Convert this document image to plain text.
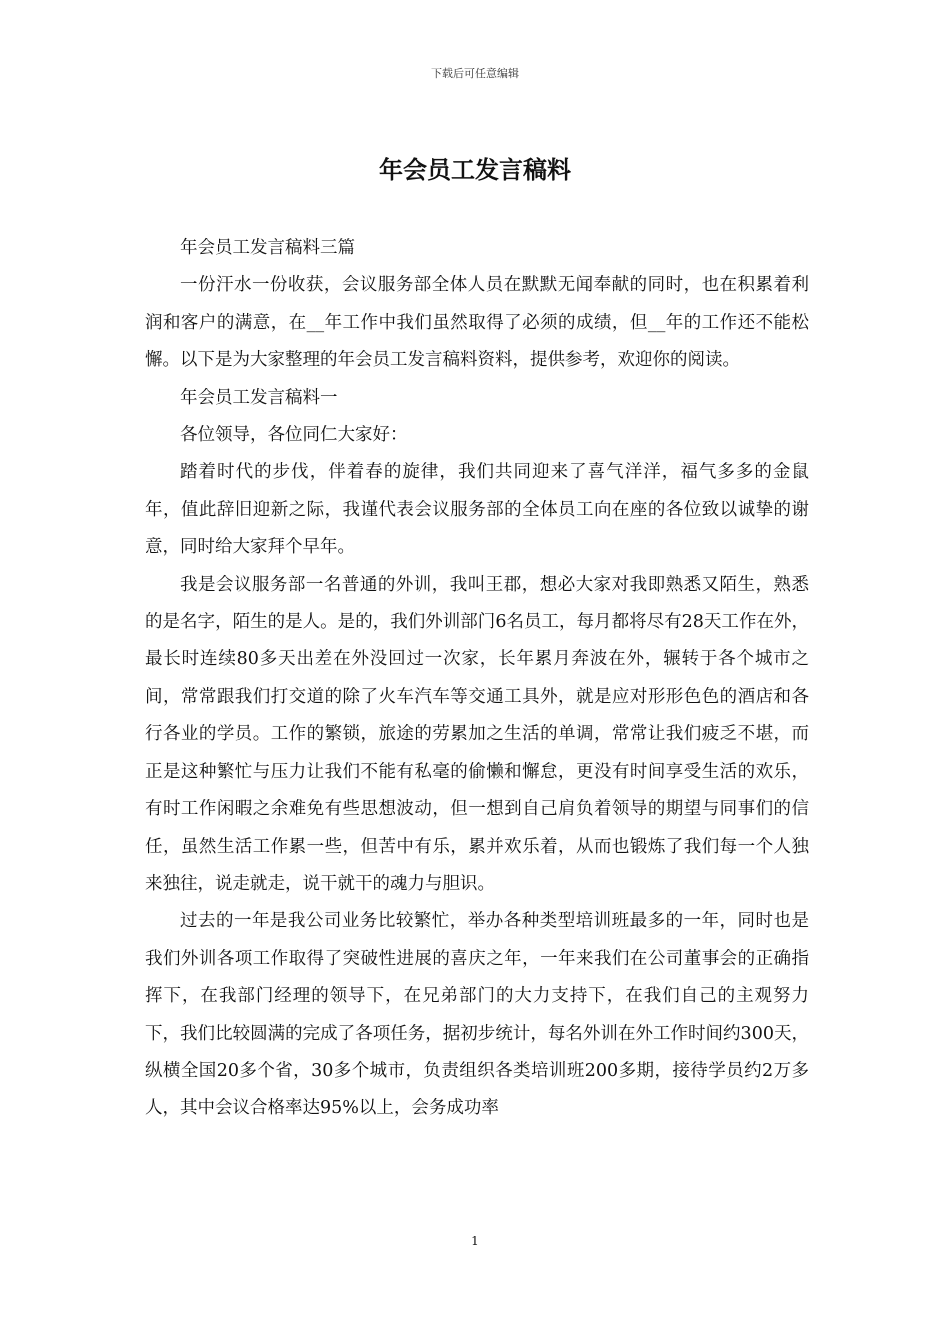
下载后可任意编辑
年会员工发言稿料

年会员工发言稿料三篇

一份汗水一份收获，会议服务部全体人员在默默无闻奉献的同时，也在积累着利润和客户的满意，在__年工作中我们虽然取得了必须的成绩，但__年的工作还不能松懈。以下是为大家整理的年会员工发言稿料资料，提供参考，欢迎你的阅读。

年会员工发言稿料一

各位领导，各位同仁大家好：

踏着时代的步伐，伴着春的旋律，我们共同迎来了喜气洋洋，福气多多的金鼠年，值此辞旧迎新之际，我谨代表会议服务部的全体员工向在座的各位致以诚挚的谢意，同时给大家拜个早年。

我是会议服务部一名普通的外训，我叫王郡，想必大家对我即熟悉又陌生，熟悉的是名字，陌生的是人。是的，我们外训部门6名员工，每月都将尽有28天工作在外，最长时连续80多天出差在外没回过一次家，长年累月奔波在外，辗转于各个城市之间，常常跟我们打交道的除了火车汽车等交通工具外，就是应对形形色色的酒店和各行各业的学员。工作的繁锁，旅途的劳累加之生活的单调，常常让我们疲乏不堪，而正是这种繁忙与压力让我们不能有私毫的偷懒和懈怠，更没有时间享受生活的欢乐，有时工作闲暇之余难免有些思想波动，但一想到自己肩负着领导的期望与同事们的信任，虽然生活工作累一些，但苦中有乐，累并欢乐着，从而也锻炼了我们每一个人独来独往，说走就走，说干就干的魂力与胆识。

过去的一年是我公司业务比较繁忙，举办各种类型培训班最多的一年，同时也是我们外训各项工作取得了突破性进展的喜庆之年，一年来我们在公司董事会的正确指挥下，在我部门经理的领导下，在兄弟部门的大力支持下，在我们自己的主观努力下，我们比较圆满的完成了各项任务，据初步统计，每名外训在外工作时间约300天，纵横全国20多个省，30多个城市，负责组织各类培训班200多期，接待学员约2万多人，其中会议合格率达95%以上，会务成功率

1
